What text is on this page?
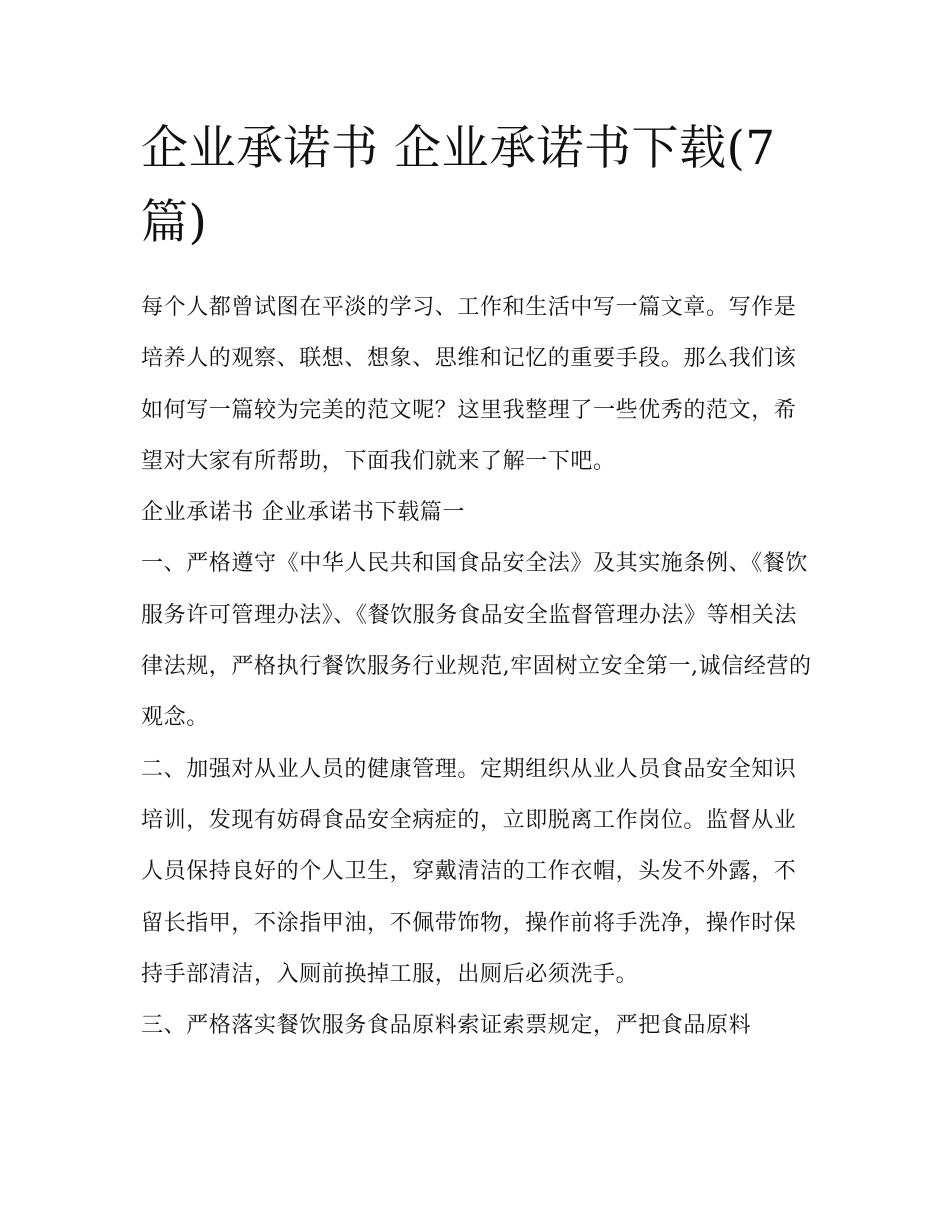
企业承诺书 企业承诺书下载(7篇)

每个人都曾试图在平淡的学习、工作和生活中写一篇文章。写作是培养人的观察、联想、想象、思维和记忆的重要手段。那么我们该如何写一篇较为完美的范文呢？这里我整理了一些优秀的范文，希望对大家有所帮助，下面我们就来了解一下吧。

企业承诺书 企业承诺书下载篇一

一、严格遵守《中华人民共和国食品安全法》及其实施条例、《餐饮服务许可管理办法》、《餐饮服务食品安全监督管理办法》等相关法律法规，严格执行餐饮服务行业规范,牢固树立安全第一,诚信经营的观念。

二、加强对从业人员的健康管理。定期组织从业人员食品安全知识培训，发现有妨碍食品安全病症的，立即脱离工作岗位。监督从业人员保持良好的个人卫生，穿戴清洁的工作衣帽，头发不外露，不留长指甲，不涂指甲油，不佩带饰物，操作前将手洗净，操作时保持手部清洁，入厕前换掉工服，出厕后必须洗手。

三、严格落实餐饮服务食品原料索证索票规定，严把食品原料
